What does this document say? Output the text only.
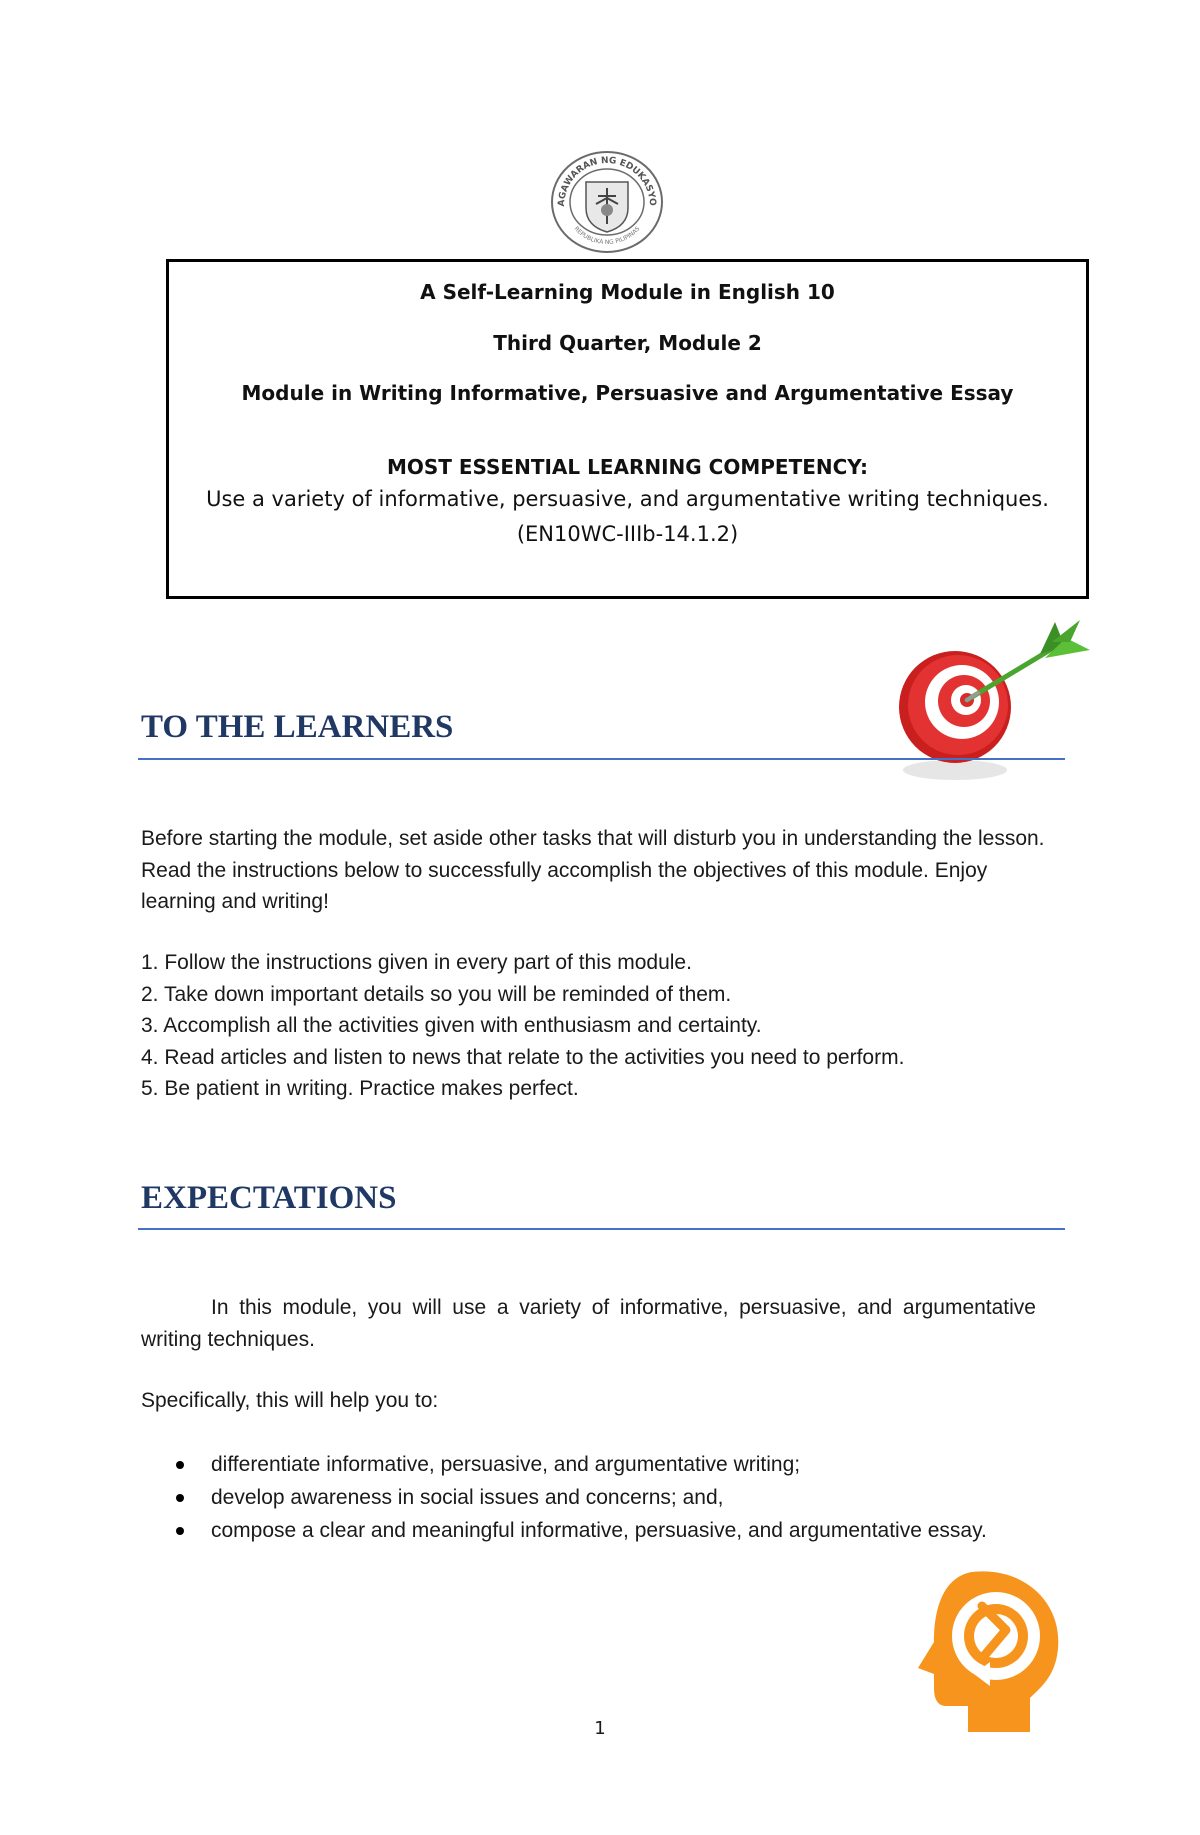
AGAWARAN NG EDUKASYO
REPUBLIKA NG PILIPINAS
A Self-Learning Module in English 10
Third Quarter, Module 2
Module in Writing Informative, Persuasive and Argumentative Essay
MOST ESSENTIAL LEARNING COMPETENCY:
Use a variety of informative, persuasive, and argumentative writing techniques.
(EN10WC-IIIb-14.1.2)
TO THE LEARNERS
Before starting the module, set aside other tasks that will disturb you in understanding the lesson. Read the instructions below to successfully accomplish the objectives of this module. Enjoy learning and writing!
1. Follow the instructions given in every part of this module.
2. Take down important details so you will be reminded of them.
3. Accomplish all the activities given with enthusiasm and certainty.
4. Read articles and listen to news that relate to the activities you need to perform.
5. Be patient in writing. Practice makes perfect.
EXPECTATIONS
In this module, you will use a variety of informative, persuasive, and argumentative writing techniques.
Specifically, this will help you to:
differentiate informative, persuasive, and argumentative writing;
develop awareness in social issues and concerns; and,
compose a clear and meaningful informative, persuasive, and argumentative essay.
1
